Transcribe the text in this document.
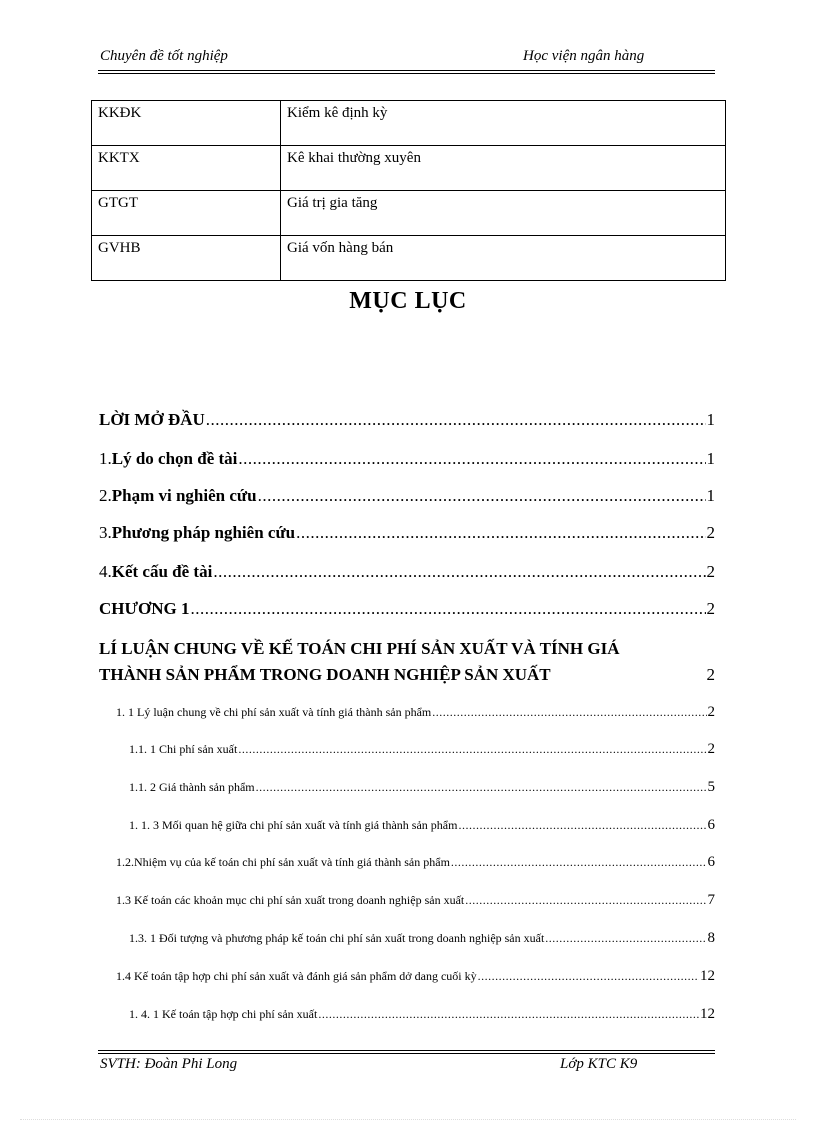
Chuyên đề tốt nghiệp	Học viện ngân hàng
KKĐK	Kiểm kê định kỳ
KKTX	Kê khai thường xuyên
GTGT	Giá trị gia tăng
GVHB	Giá vốn hàng bán
MỤC LỤC
LỜI MỞ ĐẦU .....	1
1. Lý do chọn đề tài .....	1
2. Phạm vi nghiên cứu .....	1
3. Phương pháp nghiên cứu .....	2
4. Kết cấu đề tài .....	2
CHƯƠNG 1 .....	2
LÍ LUẬN CHUNG VỀ KẾ TOÁN CHI PHÍ SẢN XUẤT VÀ TÍNH GIÁ
THÀNH SẢN PHẨM TRONG DOANH NGHIỆP SẢN XUẤT	2
1. 1 Lý luận chung về chi phí sản xuất và tính giá thành sản phẩm .....	2
1.1. 1 Chi phí sản xuất .....	2
1.1. 2 Giá thành sản phẩm .....	5
1. 1. 3 Mối quan hệ giữa chi phí sản xuất và tính giá thành sản phẩm .....	6
1.2.Nhiệm vụ của kế toán chi phí sản xuất và tính giá thành sản phẩm .....	6
1.3 Kế toán các khoản mục chi phí sản xuất trong doanh nghiệp sản xuất .....	7
1.3. 1 Đối tượng và phương pháp kế toán chi phí sản xuất trong doanh nghiệp sản xuất .....	8
1.4 Kế toán tập hợp chi phí sản xuất và đánh giá sản phẩm dở dang cuối kỳ .....	12
1. 4. 1 Kế toán tập hợp chi phí sản xuất .....	12
SVTH: Đoàn Phi Long	Lớp KTC K9
